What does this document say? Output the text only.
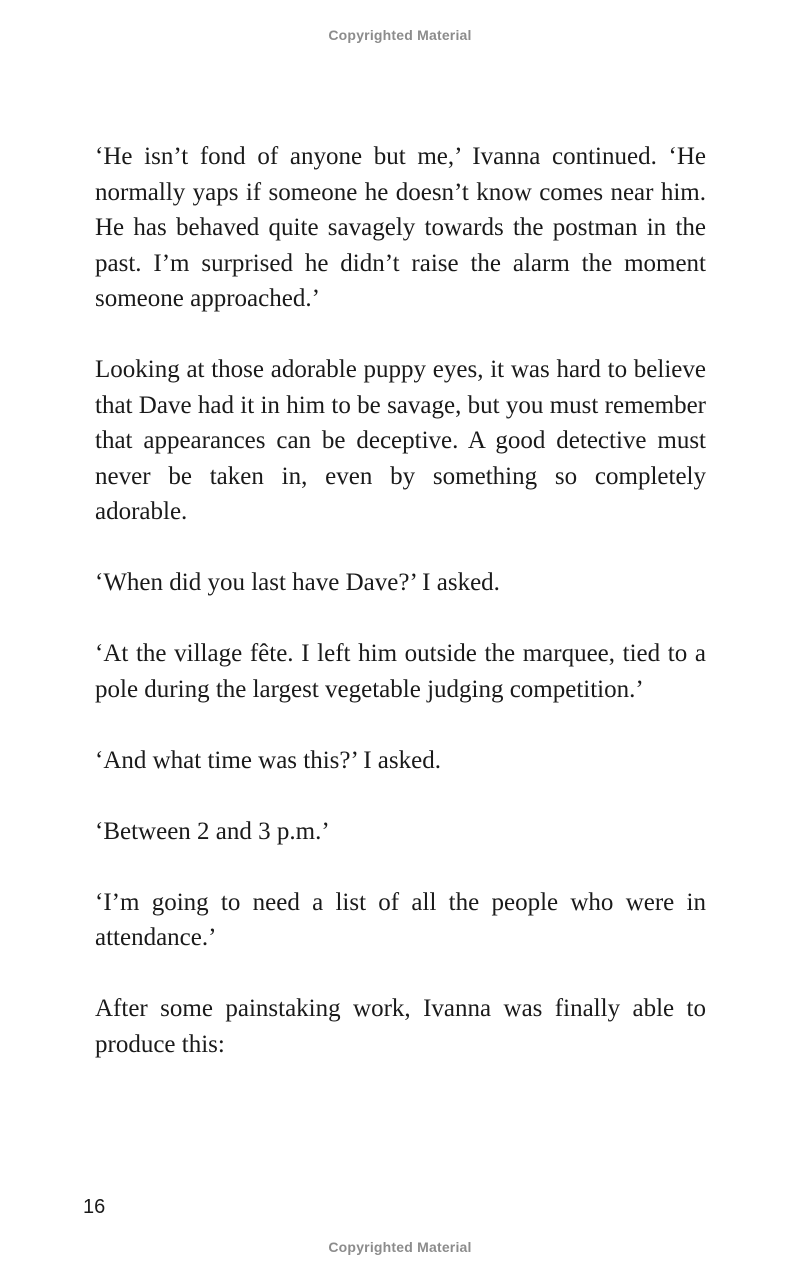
Copyrighted Material

‘He isn’t fond of anyone but me,’ Ivanna continued. ‘He normally yaps if someone he doesn’t know comes near him. He has behaved quite savagely towards the postman in the past. I’m surprised he didn’t raise the alarm the moment someone approached.’

Looking at those adorable puppy eyes, it was hard to believe that Dave had it in him to be savage, but you must remember that appearances can be deceptive. A good detective must never be taken in, even by something so completely adorable.

‘When did you last have Dave?’ I asked.

‘At the village fête. I left him outside the marquee, tied to a pole during the largest vegetable judging competition.’

‘And what time was this?’ I asked.

‘Between 2 and 3 p.m.’

‘I’m going to need a list of all the people who were in attendance.’

After some painstaking work, Ivanna was finally able to produce this:

16
Copyrighted Material
